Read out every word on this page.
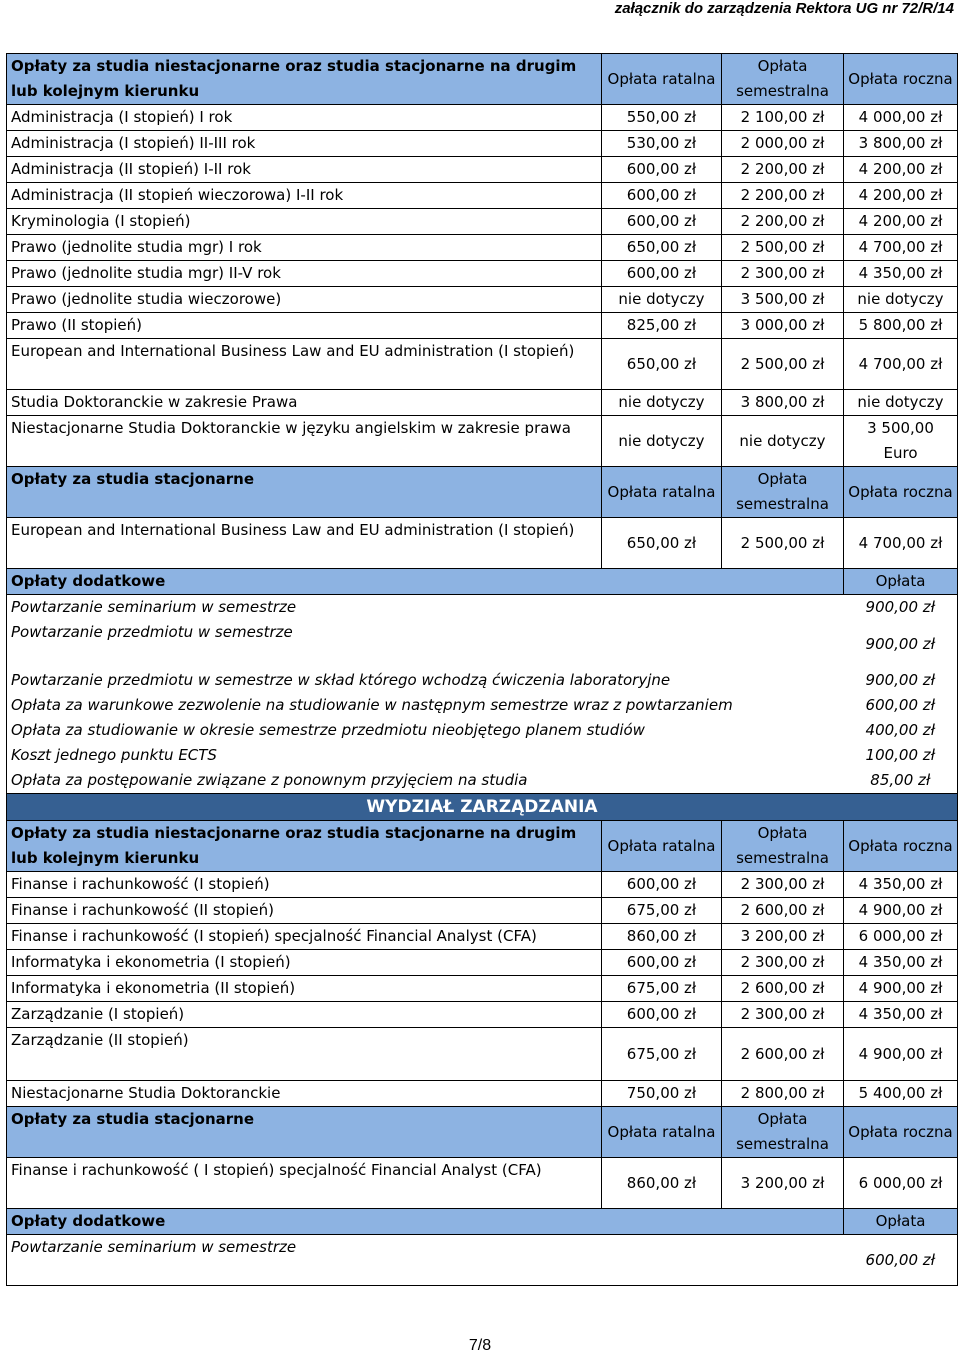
załącznik do zarządzenia Rektora UG nr 72/R/14
Opłaty za studia niestacjonarne oraz studia stacjonarne na drugim lub kolejnym kierunku	Opłata ratalna	Opłata semestralna	Opłata roczna
Administracja (I stopień) I rok	550,00 zł	2 100,00 zł	4 000,00 zł
Administracja (I stopień) II-III rok	530,00 zł	2 000,00 zł	3 800,00 zł
Administracja (II stopień) I-II rok	600,00 zł	2 200,00 zł	4 200,00 zł
Administracja (II stopień wieczorowa) I-II rok	600,00 zł	2 200,00 zł	4 200,00 zł
Kryminologia (I stopień)	600,00 zł	2 200,00 zł	4 200,00 zł
Prawo (jednolite studia mgr) I rok	650,00 zł	2 500,00 zł	4 700,00 zł
Prawo (jednolite studia mgr) II-V rok	600,00 zł	2 300,00 zł	4 350,00 zł
Prawo (jednolite studia wieczorowe)	nie dotyczy	3 500,00 zł	nie dotyczy
Prawo (II stopień)	825,00 zł	3 000,00 zł	5 800,00 zł
European and International Business Law and EU administration (I stopień)	650,00 zł	2 500,00 zł	4 700,00 zł
Studia Doktoranckie w zakresie Prawa	nie dotyczy	3 800,00 zł	nie dotyczy
Niestacjonarne Studia Doktoranckie w języku angielskim w zakresie prawa	nie dotyczy	nie dotyczy	3 500,00 Euro
Opłaty za studia stacjonarne	Opłata ratalna	Opłata semestralna	Opłata roczna
European and International Business Law and EU administration (I stopień)	650,00 zł	2 500,00 zł	4 700,00 zł
Opłaty dodatkowe			Opłata
Powtarzanie seminarium w semestrze			900,00 zł
Powtarzanie przedmiotu w semestrze			900,00 zł
Powtarzanie przedmiotu w semestrze w skład którego wchodzą ćwiczenia laboratoryjne			900,00 zł
Opłata za warunkowe zezwolenie na studiowanie w następnym semestrze wraz z powtarzaniem			600,00 zł
Opłata za studiowanie w okresie semestrze przedmiotu nieobjętego planem studiów			400,00 zł
Koszt jednego punktu ECTS			100,00 zł
Opłata za postępowanie związane z ponownym przyjęciem na studia			85,00 zł
WYDZIAŁ ZARZĄDZANIA			
Opłaty za studia niestacjonarne oraz studia stacjonarne na drugim lub kolejnym kierunku	Opłata ratalna	Opłata semestralna	Opłata roczna
Finanse i rachunkowość (I stopień)	600,00 zł	2 300,00 zł	4 350,00 zł
Finanse i rachunkowość (II stopień)	675,00 zł	2 600,00 zł	4 900,00 zł
Finanse i rachunkowość (I stopień) specjalność Financial Analyst (CFA)	860,00 zł	3 200,00 zł	6 000,00 zł
Informatyka i ekonometria (I stopień)	600,00 zł	2 300,00 zł	4 350,00 zł
Informatyka i ekonometria (II stopień)	675,00 zł	2 600,00 zł	4 900,00 zł
Zarządzanie (I stopień)	600,00 zł	2 300,00 zł	4 350,00 zł
Zarządzanie (II stopień)	675,00 zł	2 600,00 zł	4 900,00 zł
Niestacjonarne Studia Doktoranckie	750,00 zł	2 800,00 zł	5 400,00 zł
Opłaty za studia stacjonarne	Opłata ratalna	Opłata semestralna	Opłata roczna
Finanse i rachunkowość ( I stopień) specjalność Financial Analyst (CFA)	860,00 zł	3 200,00 zł	6 000,00 zł
Opłaty dodatkowe			Opłata
Powtarzanie seminarium w semestrze			600,00 zł
7/8
